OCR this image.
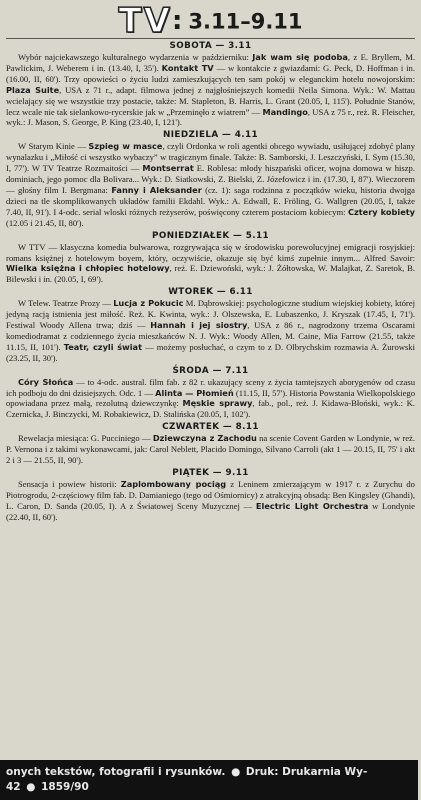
TV: 3.11–9.11
SOBOTA — 3.11

Wybór najciekawszego kulturalnego wydarzenia w październiku: Jak wam się podoba, z E. Bryllem, M. Pawlickim, J. Weberem i in. (13.40, I, 35'). Kontakt TV — w kontakcie z gwiazdami: G. Peck, D. Hoffman i in. (16.00, II, 60'). Trzy opowieści o życiu ludzi zamieszkujących ten sam pokój w eleganckim hotelu nowojorskim: Plaza Suite, USA z 71 r., adapt. filmowa jednej z najgłośniejszych komedii Neila Simona. Wyk.: W. Mattau wcielający się we wszystkie trzy postacie, także: M. Stapleton, B. Harris, L. Grant (20.05, I, 115'). Południe Stanów, lecz wcale nie tak sielankowo-rycerskie jak w „Przeminęło z wiatrem” — Mandingo, USA z 75 r., reż. R. Fleischer, wyk.: J. Mason, S. George, P. King (23.40, I, 121').

NIEDZIELA — 4.11

W Starym Kinie — Szpieg w masce, czyli Ordonka w roli agentki obcego wywiadu, usiłującej zdobyć plany wynalazku i „Miłość ci wszystko wybaczy” w tragicznym finale. Także: B. Samborski, J. Leszczyński, I. Sym (15.30, I, 77'). W TV Teatrze Rozmaitości — Montserrat E. Roblesa: młody hiszpański oficer, wojna domowa w hiszp. dominiach, jego pomoc dla Bolivara... Wyk.: D. Siatkowski, Z. Bielski, Z. Józefowicz i in. (17.30, I, 87'). Wieczorem — głośny film I. Bergmana: Fanny i Aleksander (cz. 1): saga rodzinna z początków wieku, historia dwojga dzieci na tle skomplikowanych układów familii Ekdahl. Wyk.: A. Edwall, E. Fröling, G. Wallgren (20.05, I, także 7.40, II, 91'). I 4-odc. serial wloski różnych reżyserów, poświęcony czterem postaciom kobiecym: Cztery kobiety (12.05 i 21.45, II, 80').

PONIEDZIAŁEK — 5.11

W TTV — klasyczna komedia bulwarowa, rozgrywająca się w środowisku porewolucyjnej emigracji rosyjskiej: romans księżnej z hotelowym boyem, który, oczywiście, okazuje się być kimś zupełnie innym... Alfred Savoir: Wielka księżna i chłopiec hotelowy, reż. E. Dziewoński, wyk.: J. Żółtowska, W. Malajkat, Z. Saretok, B. Bilewski i in. (20.05, I, 69').

WTOREK — 6.11

W Telew. Teatrze Prozy — Lucja z Pokucic M. Dąbrowskiej: psychologiczne studium wiejskiej kobiety, której jedyną racją istnienia jest miłość. Reż. K. Kwinta, wyk.: J. Olszewska, E. Lubaszenko, J. Kryszak (17.45, I, 71'). Festiwal Woody Allena trwa; dziś — Hannah i jej siostry, USA z 86 r., nagrodzony trzema Oscarami komediodramat z codziennego życia mieszkańców N. J. Wyk.: Woody Allen, M. Caine, Mia Farrow (21.55, także 11.15, II, 101'). Teatr, czyli świat — możemy posłuchać, o czym to z D. Olbrychskim rozmawia A. Żurowski (23.25, II, 30').

ŚRODA — 7.11

Córy Słońca — to 4-odc. austral. film fab. z 82 r. ukazujący sceny z życia tamtejszych aborygenów od czasu ich podboju do dni dzisiejszych. Odc. 1 — Alinta — Płomień (11.15, II, 57'). Historia Powstania Wielkopolskiego opowiadana przez małą, rezolutną dziewczynkę: Męskie sprawy, fab., pol., reż. J. Kidawa-Błoński, wyk.: K. Czernicka, J. Binczycki, M. Robakiewicz, D. Stalińska (20.05, I, 102').

CZWARTEK — 8.11

Rewelacja miesiąca: G. Pucciniego — Dziewczyna z Zachodu na scenie Covent Garden w Londynie, w reż. P. Vernona i z takimi wykonawcami, jak: Carol Neblett, Placido Domingo, Silvano Carroli (akt 1 — 20.15, II, 75' i akt 2 i 3 — 21.55, II, 90').

PIĄTEK — 9.11

Sensacja i powiew historii: Zaplombowany pociąg z Leninem zmierzającym w 1917 r. z Zurychu do Piotrogrodu, 2-częściowy film fab. D. Damianiego (tego od Ośmiornicy) z atrakcyjną obsadą: Ben Kingsley (Ghandi), L. Caron, D. Sanda (20.05, I). A z Światowej Sceny Muzycznej — Electric Light Orchestra w Londynie (22.40, II, 60').

onych tekstów, fotografii i rysunków. ● Druk: Drukarnia Wy-
42 ● 1859/90
